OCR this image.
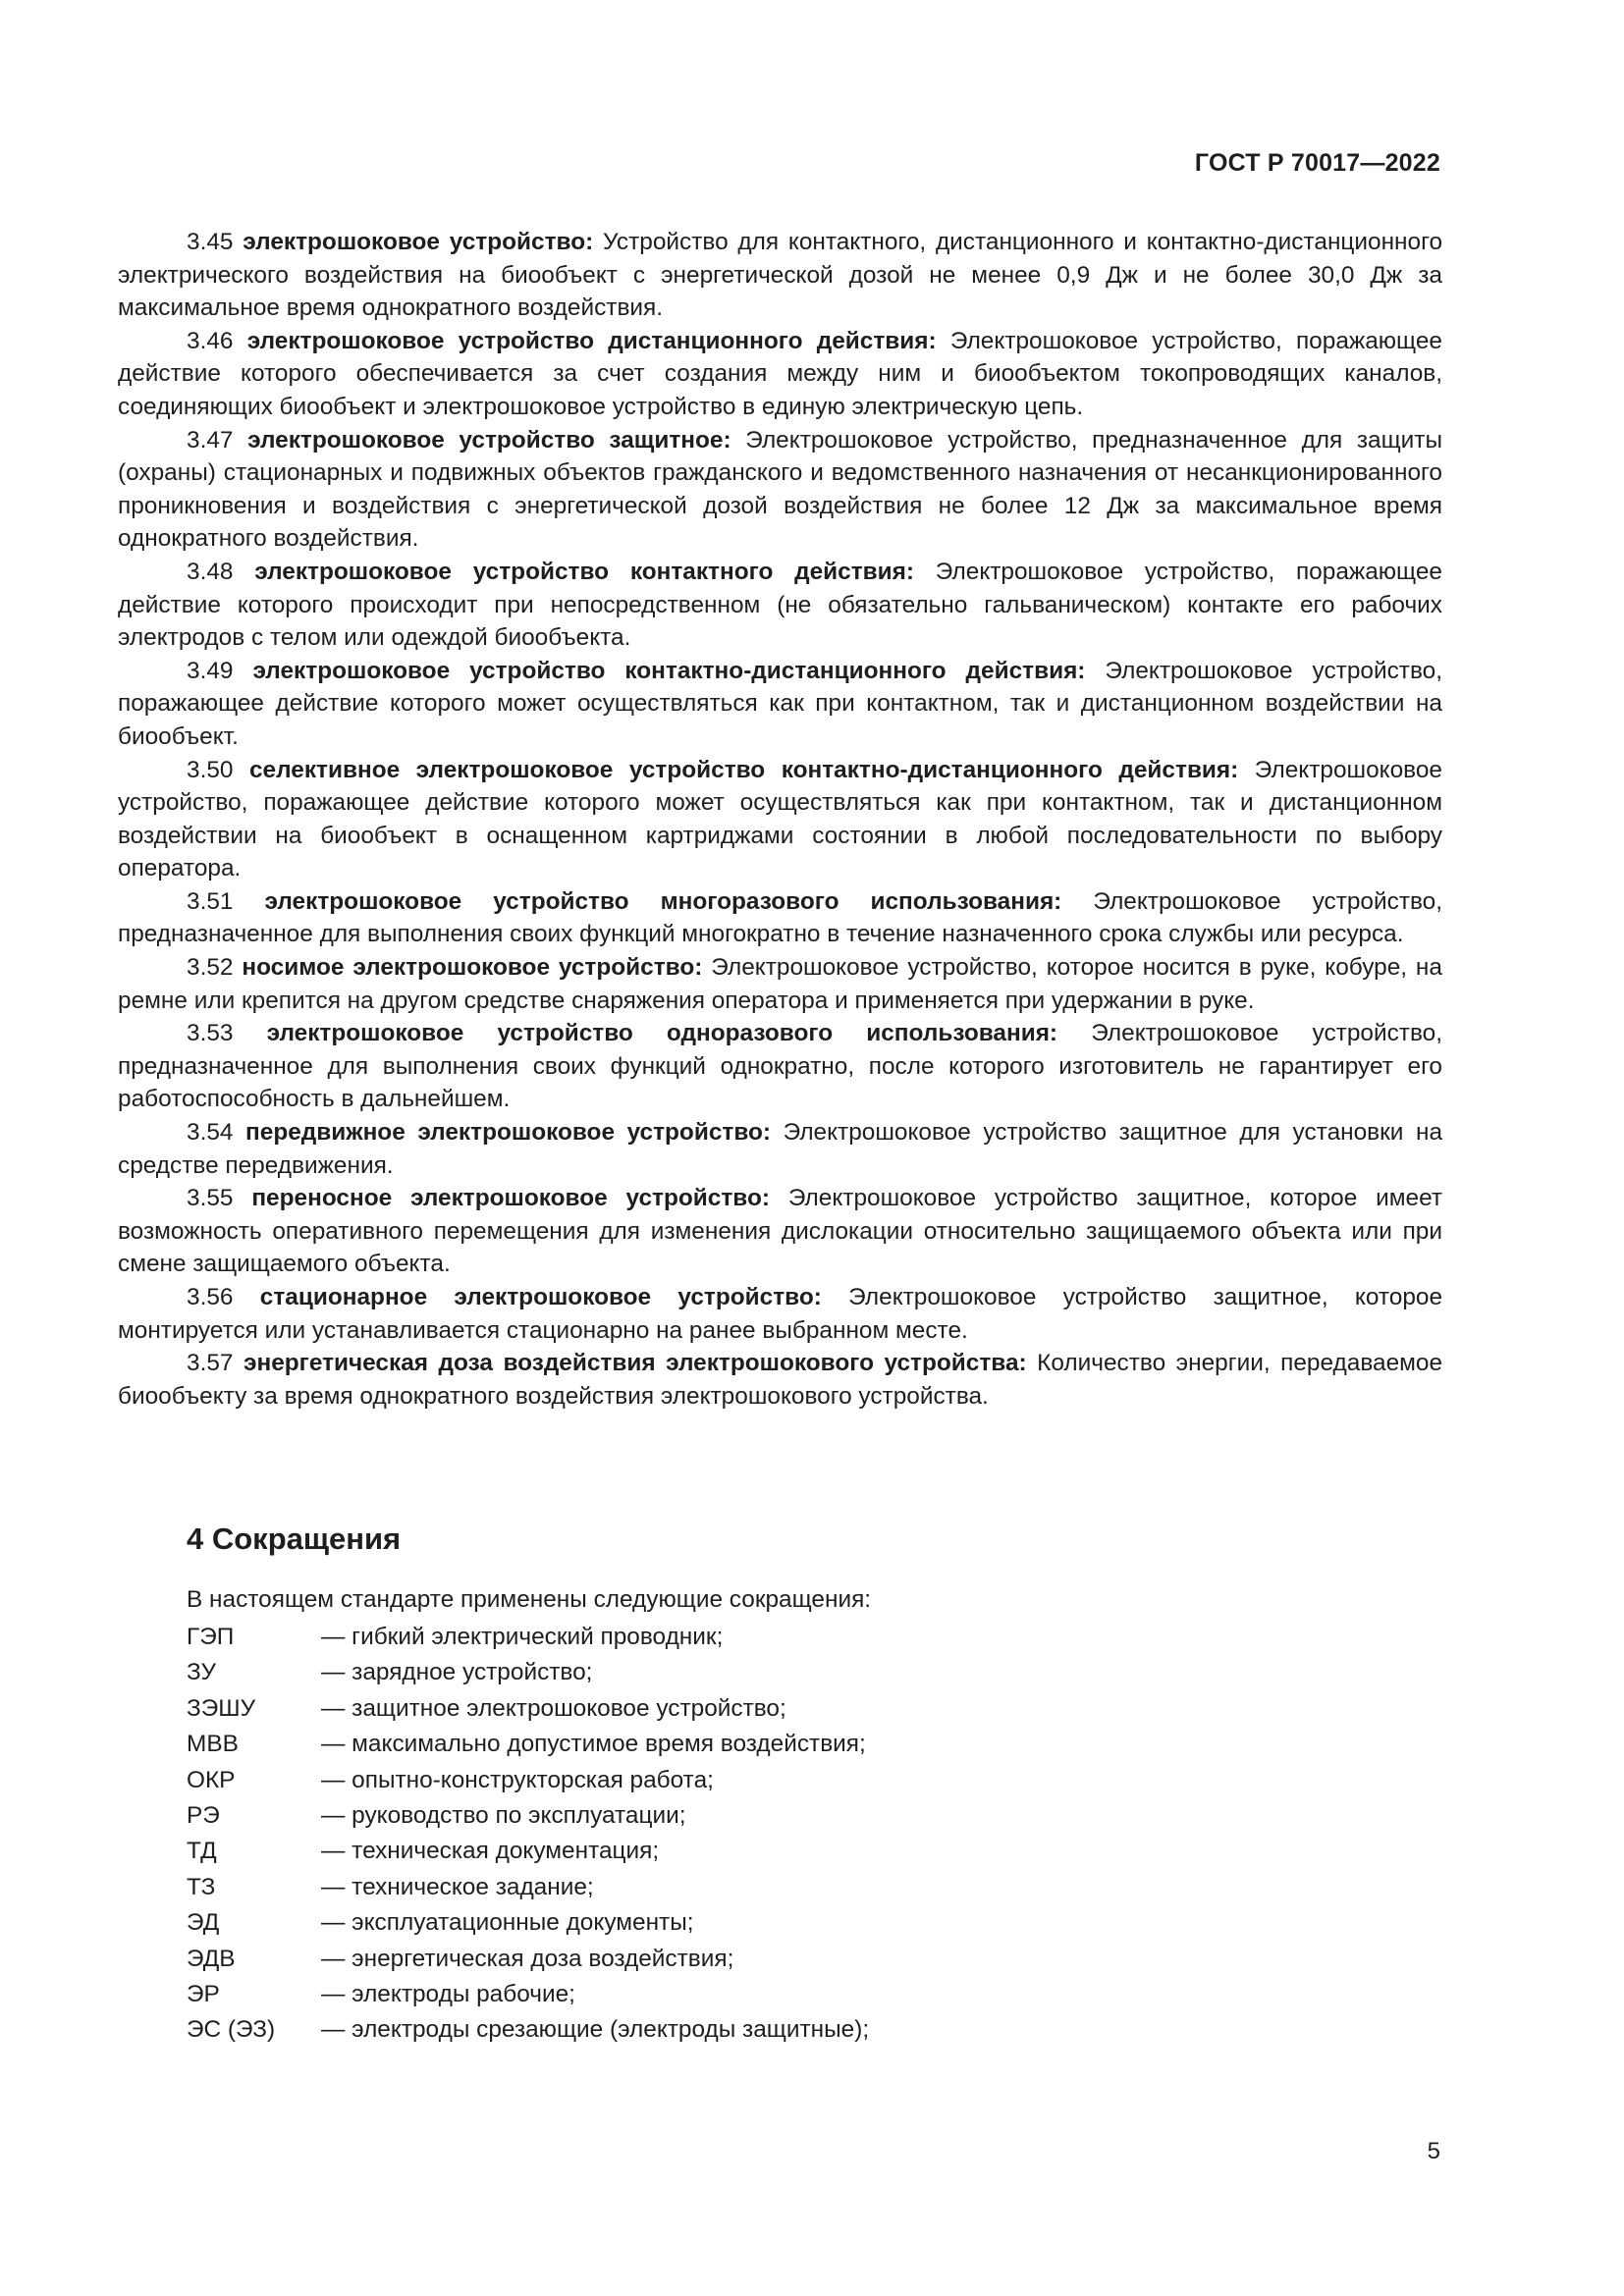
ГОСТ Р 70017—2022

3.45 электрошоковое устройство: Устройство для контактного, дистанционного и контактно-дистанционного электрического воздействия на биообъект с энергетической дозой не менее 0,9 Дж и не более 30,0 Дж за максимальное время однократного воздействия.

3.46 электрошоковое устройство дистанционного действия: Электрошоковое устройство, поражающее действие которого обеспечивается за счет создания между ним и биообъектом токопроводящих каналов, соединяющих биообъект и электрошоковое устройство в единую электрическую цепь.

3.47 электрошоковое устройство защитное: Электрошоковое устройство, предназначенное для защиты (охраны) стационарных и подвижных объектов гражданского и ведомственного назначения от несанкционированного проникновения и воздействия с энергетической дозой воздействия не более 12 Дж за максимальное время однократного воздействия.

3.48 электрошоковое устройство контактного действия: Электрошоковое устройство, поражающее действие которого происходит при непосредственном (не обязательно гальваническом) контакте его рабочих электродов с телом или одеждой биообъекта.

3.49 электрошоковое устройство контактно-дистанционного действия: Электрошоковое устройство, поражающее действие которого может осуществляться как при контактном, так и дистанционном воздействии на биообъект.

3.50 селективное электрошоковое устройство контактно-дистанционного действия: Электрошоковое устройство, поражающее действие которого может осуществляться как при контактном, так и дистанционном воздействии на биообъект в оснащенном картриджами состоянии в любой последовательности по выбору оператора.

3.51 электрошоковое устройство многоразового использования: Электрошоковое устройство, предназначенное для выполнения своих функций многократно в течение назначенного срока службы или ресурса.

3.52 носимое электрошоковое устройство: Электрошоковое устройство, которое носится в руке, кобуре, на ремне или крепится на другом средстве снаряжения оператора и применяется при удержании в руке.

3.53 электрошоковое устройство одноразового использования: Электрошоковое устройство, предназначенное для выполнения своих функций однократно, после которого изготовитель не гарантирует его работоспособность в дальнейшем.

3.54 передвижное электрошоковое устройство: Электрошоковое устройство защитное для установки на средстве передвижения.

3.55 переносное электрошоковое устройство: Электрошоковое устройство защитное, которое имеет возможность оперативного перемещения для изменения дислокации относительно защищаемого объекта или при смене защищаемого объекта.

3.56 стационарное электрошоковое устройство: Электрошоковое устройство защитное, которое монтируется или устанавливается стационарно на ранее выбранном месте.

3.57 энергетическая доза воздействия электрошокового устройства: Количество энергии, передаваемое биообъекту за время однократного воздействия электрошокового устройства.

4 Сокращения

В настоящем стандарте применены следующие сокращения:

ГЭП	— гибкий электрический проводник;
ЗУ	— зарядное устройство;
ЗЭШУ	— защитное электрошоковое устройство;
МВВ	— максимально допустимое время воздействия;
ОКР	— опытно-конструкторская работа;
РЭ	— руководство по эксплуатации;
ТД	— техническая документация;
ТЗ	— техническое задание;
ЭД	— эксплуатационные документы;
ЭДВ	— энергетическая доза воздействия;
ЭР	— электроды рабочие;
ЭС (ЭЗ) — электроды срезающие (электроды защитные);
5
